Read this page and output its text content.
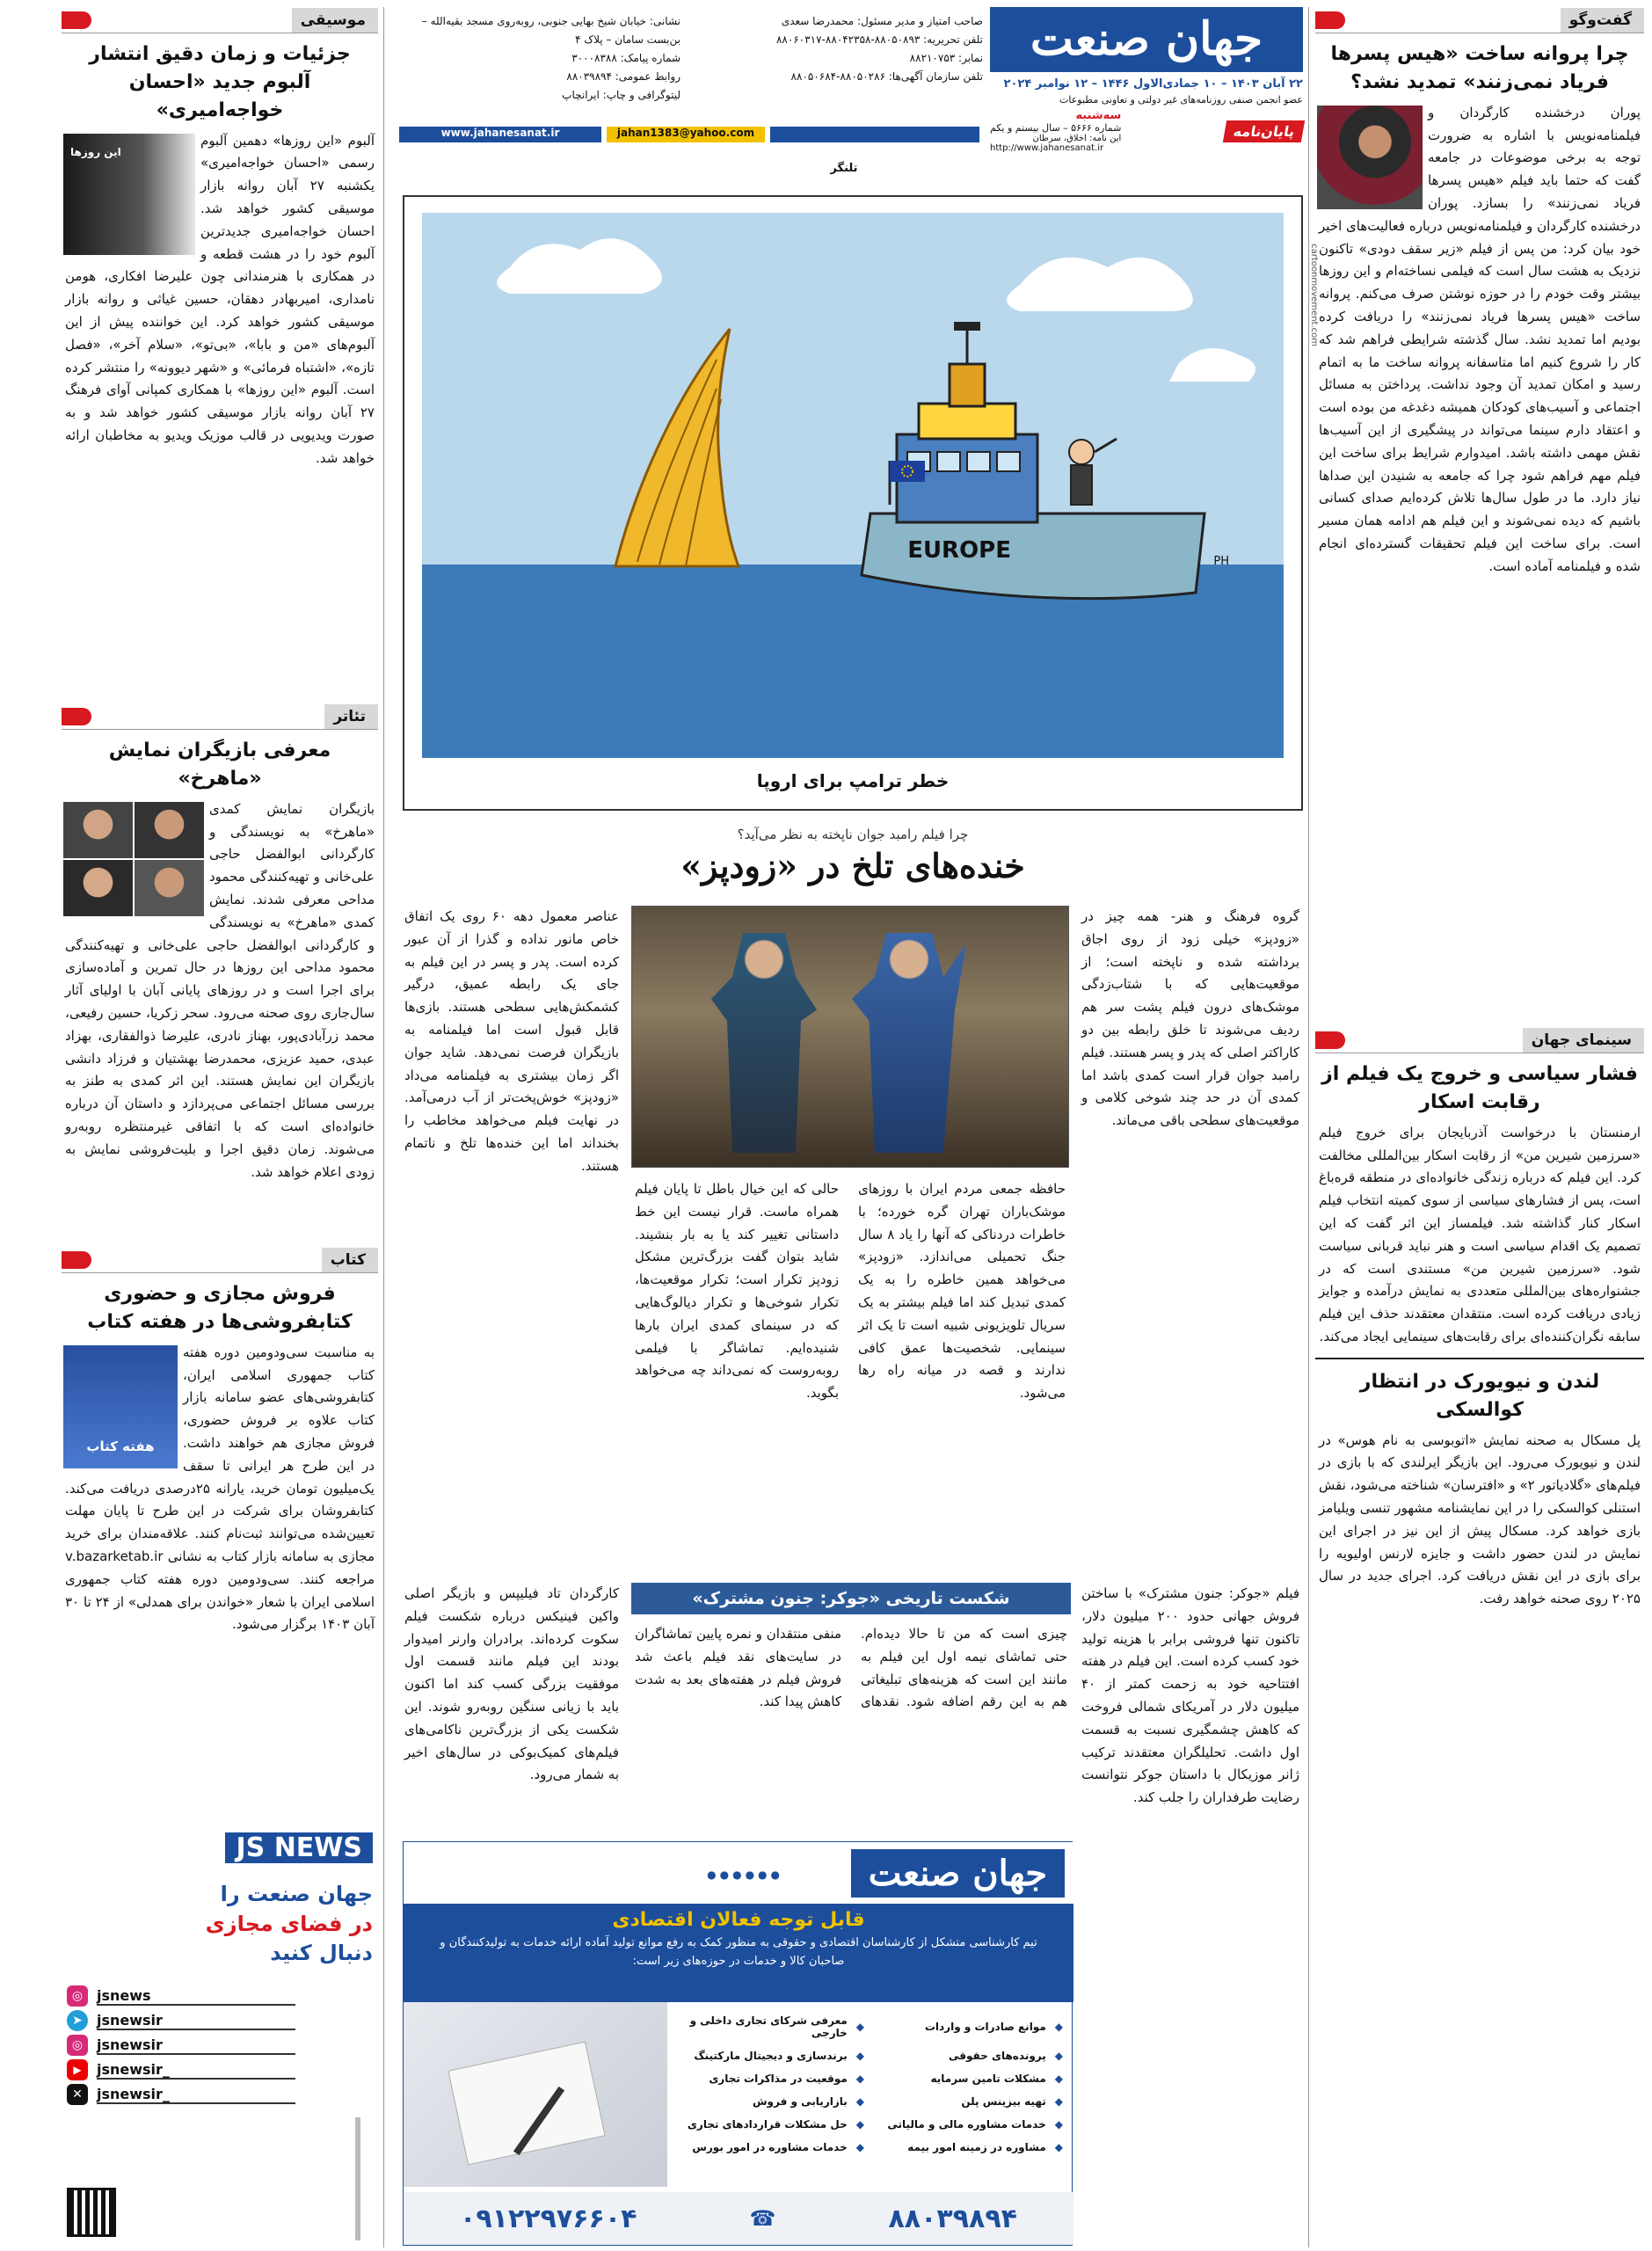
گفت‌وگو
چرا پروانه ساخت «هیس پسرها فریاد نمی‌زنند» تمدید نشد؟

پوران درخشنده کارگردان و فیلمنامه‌نویس با اشاره به ضرورت توجه به برخی موضوعات در جامعه گفت که حتما باید فیلم «هیس پسرها فریاد نمی‌زنند» را بسازد. پوران درخشنده کارگردان و فیلمنامه‌نویس درباره فعالیت‌های اخیر خود بیان کرد: من پس از فیلم «زیر سقف دودی» تاکنون نزدیک به هشت سال است که فیلمی نساخته‌ام و این روزها بیشتر وقت خودم را در حوزه نوشتن صرف می‌کنم. پروانه ساخت «هیس پسرها فریاد نمی‌زنند» را دریافت کرده بودیم اما تمدید نشد. سال گذشته شرایطی فراهم شد که کار را شروع کنیم اما متاسفانه پروانه ساخت ما به اتمام رسید و امکان تمدید آن وجود نداشت. پرداختن به مسائل اجتماعی و آسیب‌های کودکان همیشه دغدغه من بوده است و اعتقاد دارم سینما می‌تواند در پیشگیری از این آسیب‌ها نقش مهمی داشته باشد. امیدوارم شرایط برای ساخت این فیلم مهم فراهم شود چرا که جامعه به شنیدن این صداها نیاز دارد. ما در طول سال‌ها تلاش کرده‌ایم صدای کسانی باشیم که دیده نمی‌شوند و این فیلم هم ادامه همان مسیر است. برای ساخت این فیلم تحقیقات گسترده‌ای انجام شده و فیلمنامه آماده است.

سینمای جهان
فشار سیاسی و خروج یک فیلم از رقابت اسکار

ارمنستان با درخواست آذربایجان برای خروج فیلم «سرزمین شیرین من» از رقابت اسکار بین‌المللی مخالفت کرد. این فیلم که درباره زندگی خانواده‌ای در منطقه قره‌باغ است، پس از فشارهای سیاسی از سوی کمیته انتخاب فیلم اسکار کنار گذاشته شد. فیلمساز این اثر گفت که این تصمیم یک اقدام سیاسی است و هنر نباید قربانی سیاست شود. «سرزمین شیرین من» مستندی است که در جشنواره‌های بین‌المللی متعددی به نمایش درآمده و جوایز زیادی دریافت کرده است. منتقدان معتقدند حذف این فیلم سابقه نگران‌کننده‌ای برای رقابت‌های سینمایی ایجاد می‌کند.

لندن و نیویورک در انتظار کوالسکی

پل مسکال به صحنه نمایش «اتوبوسی به نام هوس» در لندن و نیویورک می‌رود. این بازیگر ایرلندی که با بازی در فیلم‌های «گلادیاتور ۲» و «افترسان» شناخته می‌شود، نقش استنلی کوالسکی را در این نمایشنامه مشهور تنسی ویلیامز بازی خواهد کرد. مسکال پیش از این نیز در اجرای این نمایش در لندن حضور داشت و جایزه لارنس اولیویه را برای بازی در این نقش دریافت کرد. اجرای جدید در سال ۲۰۲۵ روی صحنه خواهد رفت.

جهان صنعت
۲۲ آبان ۱۴۰۳ – ۱۰ جمادی‌الاول ۱۴۴۶ – ۱۲ نوامبر ۲۰۲۴
عضو انجمن صنفی روزنامه‌های غیر دولتی و تعاونی مطبوعات
پایان‌نامه
سه‌شنبه
شماره ۵۶۶۶ – سال بیستم و یکم
این نامه: اخلاق، سرطان
http://www.jahanesanat.ir
صاحب امتیاز و مدیر مسئول: محمدرضا سعدی
تلفن تحریریه: ۸۸۰۵۰۸۹۳-۸۸۰۴۲۳۵۸-۸۸۰۶۰۳۱۷
نمابر: ۸۸۲۱۰۷۵۳
تلفن سازمان آگهی‌ها: ۸۸۰۵۰۲۸۶-۸۸۰۵۰۶۸۴
نشانی: خیابان شیخ بهایی جنوبی، روبه‌روی مسجد بقیه‌الله – بن‌بست سامان – پلاک ۴
شماره پیامک: ۳۰۰۰۸۳۸۸
روابط عمومی: ۸۸۰۳۹۸۹۴
لیتوگرافی و چاپ: ایرانچاپ
www.jahanesanat.ir	jahan1383@yahoo.com
تلنگر
EUROPE	PH
خطر ترامپ برای اروپا
cartoonmovement.com
چرا فیلم رامبد جوان ناپخته به نظر می‌آید؟
خنده‌های تلخ در «زودپز»

گروه فرهنگ و هنر- همه چیز در «زودپز» خیلی زود از روی اجاق برداشته شده و ناپخته است؛ از موقعیت‌هایی که با شتاب‌زدگی موشک‌های درون فیلم پشت سر هم ردیف می‌شوند تا خلق رابطه بین دو کاراکتر اصلی که پدر و پسر هستند. فیلم رامبد جوان قرار است کمدی باشد اما کمدی آن در حد چند شوخی کلامی و موقعیت‌های سطحی باقی می‌ماند.

عناصر معمول دهه ۶۰ روی یک اتفاق خاص مانور نداده و گذرا از آن عبور کرده است. پدر و پسر در این فیلم به جای یک رابطه عمیق، درگیر کشمکش‌هایی سطحی هستند. بازی‌ها قابل قبول است اما فیلمنامه به بازیگران فرصت نمی‌دهد. شاید جوان اگر زمان بیشتری به فیلمنامه می‌داد «زودپز» خوش‌پخت‌تر از آب درمی‌آمد. در نهایت فیلم می‌خواهد مخاطب را بخنداند اما این خنده‌ها تلخ و ناتمام هستند.

حالی که این خیال باطل تا پایان فیلم همراه ماست. قرار نیست این خط داستانی تغییر کند یا به بار بنشیند. شاید بتوان گفت بزرگ‌ترین مشکل زودپز تکرار است؛ تکرار موقعیت‌ها، تکرار شوخی‌ها و تکرار دیالوگ‌هایی که در سینمای کمدی ایران بارها شنیده‌ایم. تماشاگر با فیلمی روبه‌روست که نمی‌داند چه می‌خواهد بگوید.

حافظه جمعی مردم ایران با روزهای موشک‌باران تهران گره خورده؛ با خاطرات دردناکی که آنها را یاد ۸ سال جنگ تحمیلی می‌اندازد. «زودپز» می‌خواهد همین خاطره را به یک کمدی تبدیل کند اما فیلم بیشتر به یک سریال تلویزیونی شبیه است تا یک اثر سینمایی. شخصیت‌ها عمق کافی ندارند و قصه در میانه راه رها می‌شود.

شکست تاریخی «جوکر: جنون مشترک»	فیلم «جوکر: جنون مشترک» با ساختن فروش جهانی حدود ۲۰۰ میلیون دلار، تاکنون تنها فروشی برابر با هزینه تولید خود کسب کرده است. این فیلم در هفته افتتاحیه خود به زحمت کمتر از ۴۰ میلیون دلار در آمریکای شمالی فروخت که کاهش چشمگیری نسبت به قسمت اول داشت. تحلیلگران معتقدند ترکیب ژانر موزیکال با داستان جوکر نتوانست رضایت طرفداران را جلب کند.

چیزی است که من تا حالا دیده‌ام. حتی تماشای نیمه اول این فیلم به مانند این است که هزینه‌های تبلیغاتی هم به این رقم اضافه شود. نقدهای منفی منتقدان و نمره پایین تماشاگران در سایت‌های نقد فیلم باعث شد فروش فیلم در هفته‌های بعد به شدت کاهش پیدا کند.

کارگردان تاد فیلیپس و بازیگر اصلی واکین فینیکس درباره شکست فیلم سکوت کرده‌اند. برادران وارنر امیدوار بودند این فیلم مانند قسمت اول موفقیت بزرگی کسب کند اما اکنون باید با زیانی سنگین روبه‌رو شوند. این شکست یکی از بزرگ‌ترین ناکامی‌های فیلم‌های کمیک‌بوکی در سال‌های اخیر به شمار می‌رود.

جهان صنعت
●●●●●●
قابل توجه فعالان اقتصادی
تیم کارشناسی متشکل از کارشناسان اقتصادی و حقوقی به منظور کمک به رفع موانع تولید آماده ارائه خدمات به تولیدکنندگان و صاحبان کالا و خدمات در حوزه‌های زیر است:
◆
موانع صادرات و واردات
◆
معرفی شرکای تجاری داخلی و خارجی
◆
پرونده‌های حقوقی
◆
برندسازی و دیجیتال مارکتینگ
◆
مشکلات تامین سرمایه
◆
موقعیت در مذاکرات تجاری
◆
تهیه بیزینس پلن
◆
بازاریابی و فروش
◆
خدمات مشاوره مالی و مالیاتی
◆
حل مشکلات قراردادهای تجاری
◆
مشاوره در زمینه امور بیمه
◆
خدمات مشاوره در امور بورس
۸۸۰۳۹۸۹۴
☎
۰۹۱۲۲۹۷۶۶۰۴
موسیقی
جزئیات و زمان دقیق انتشار آلبوم جدید «احسان خواجه‌امیری»
این روزها

آلبوم «این روزها» دهمین آلبوم رسمی «احسان خواجه‌امیری» یکشنبه ۲۷ آبان روانه بازار موسیقی کشور خواهد شد. احسان خواجه‌امیری جدیدترین آلبوم خود را در هشت قطعه و در همکاری با هنرمندانی چون علیرضا افکاری، هومن نامداری، امیربهادر دهقان، حسین غیاثی و روانه بازار موسیقی کشور خواهد کرد. این خواننده پیش از این آلبوم‌های «من و بابا»، «بی‌تو»، «سلام آخر»، «فصل تازه»، «اشتباه فرمائی» و «شهر دیوونه» را منتشر کرده است. آلبوم «این روزها» با همکاری کمپانی آوای فرهنگ ۲۷ آبان روانه بازار موسیقی کشور خواهد شد و به صورت ویدیویی در قالب موزیک ویدیو به مخاطبان ارائه خواهد شد.

تئاتر
معرفی بازیگران نمایش «ماهرخ»

بازیگران نمایش کمدی «ماهرخ» به نویسندگی و کارگردانی ابوالفضل حاجی علی‌خانی و تهیه‌کنندگی محمود مداحی معرفی شدند. نمایش کمدی «ماهرخ» به نویسندگی و کارگردانی ابوالفضل حاجی علی‌خانی و تهیه‌کنندگی محمود مداحی این روزها در حال تمرین و آماده‌سازی برای اجرا است و در روزهای پایانی آبان با اولیای آثار سال‌جاری روی صحنه می‌رود. سحر زکریا، حسین رفیعی، محمد زرآبادی‌پور، بهناز نادری، علیرضا ذوالفقاری، بهزاد عبدی، حمید عزیزی، محمدرضا بهشتیان و فرزاد دانشی بازیگران این نمایش هستند. این اثر کمدی به طنز به بررسی مسائل اجتماعی می‌پردازد و داستان آن درباره خانواده‌ای است که با اتفاقی غیرمنتظره روبه‌رو می‌شوند. زمان دقیق اجرا و بلیت‌فروشی نمایش به زودی اعلام خواهد شد.

کتاب
فروش مجازی و حضوری کتابفروشی‌ها در هفته کتاب
هفته کتاب

به مناسبت سی‌ودومین دوره هفته کتاب جمهوری اسلامی ایران، کتابفروشی‌های عضو سامانه بازار کتاب علاوه بر فروش حضوری، فروش مجازی هم خواهند داشت. در این طرح هر ایرانی تا سقف یک‌میلیون تومان خرید، یارانه ۲۵درصدی دریافت می‌کند. کتابفروشان برای شرکت در این طرح تا پایان مهلت تعیین‌شده می‌توانند ثبت‌نام کنند. علاقه‌مندان برای خرید مجازی به سامانه بازار کتاب به نشانی v.bazarketab.ir مراجعه کنند. سی‌ودومین دوره هفته کتاب جمهوری اسلامی ایران با شعار «خواندن برای همدلی» از ۲۴ تا ۳۰ آبان ۱۴۰۳ برگزار می‌شود.

JS NEWS
جهان صنعت را
در فضای مجازی
دنبال کنید
◎ jsnews
➤	jsnewsir
◎ jsnewsir
▶	jsnewsir_
✕	jsnewsir_
